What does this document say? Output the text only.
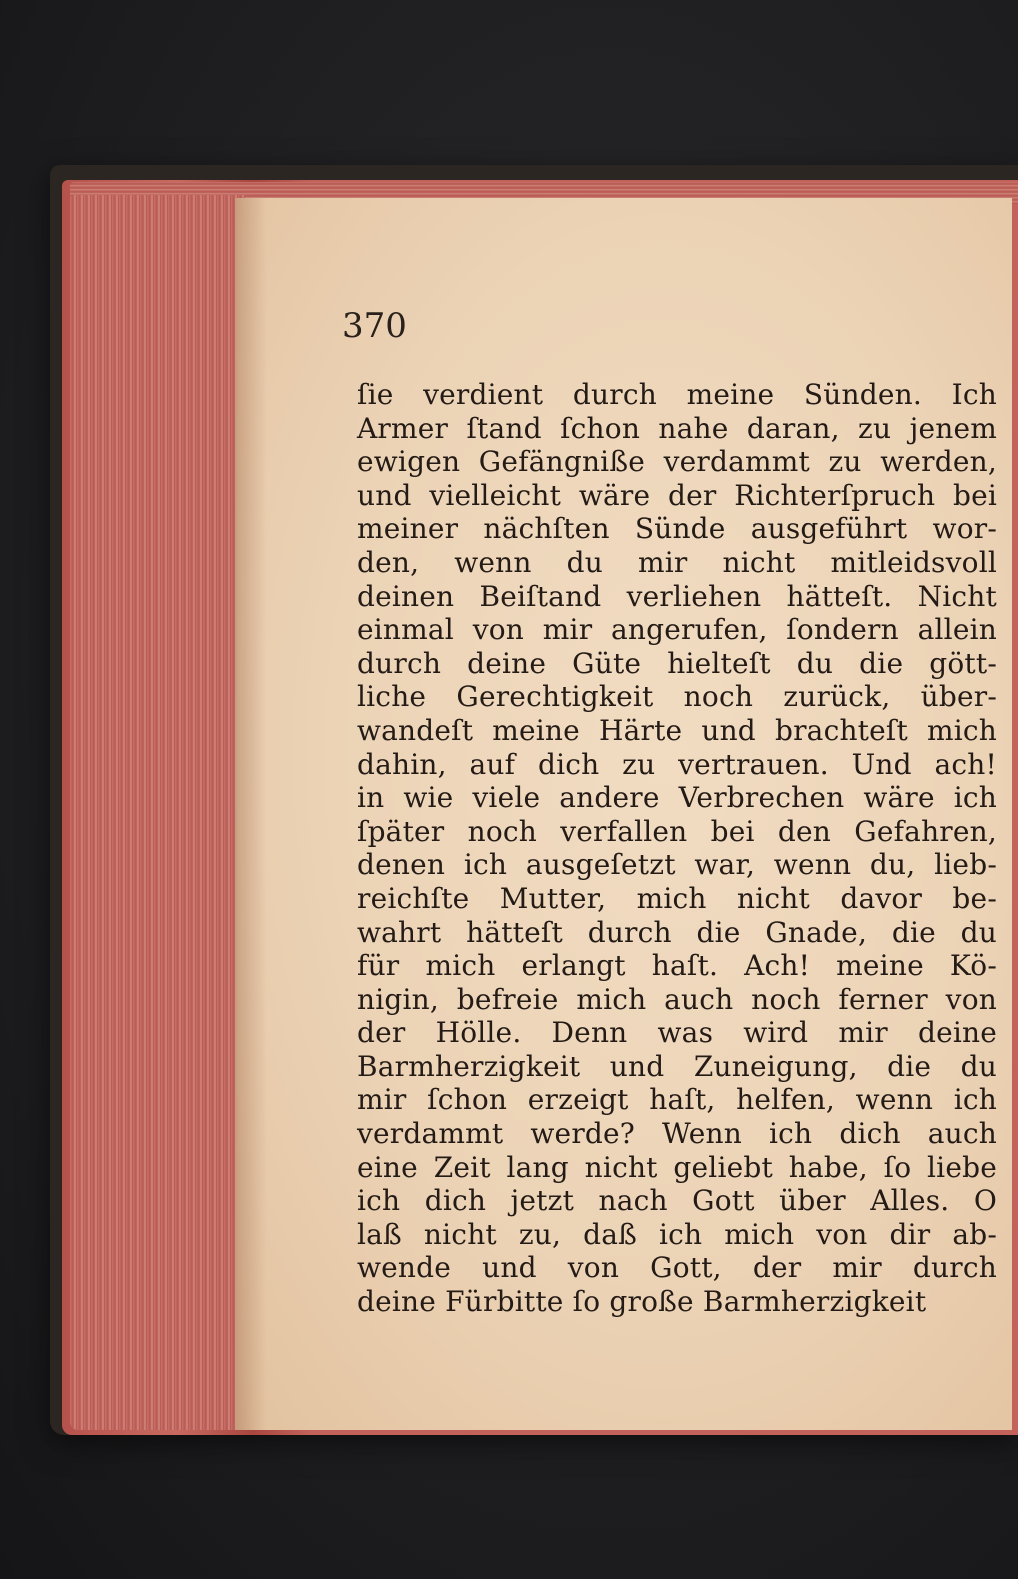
370

ſie verdient durch meine Sünden. Ich
Armer ſtand ſchon nahe daran, zu jenem
ewigen Gefängniße verdammt zu werden,
und vielleicht wäre der Richterſpruch bei
meiner nächſten Sünde ausgeführt wor-
den, wenn du mir nicht mitleidsvoll
deinen Beiſtand verliehen hätteſt. Nicht
einmal von mir angerufen, ſondern allein
durch deine Güte hielteſt du die gött-
liche Gerechtigkeit noch zurück, über-
wandeſt meine Härte und brachteſt mich
dahin, auf dich zu vertrauen. Und ach!
in wie viele andere Verbrechen wäre ich
ſpäter noch verfallen bei den Gefahren,
denen ich ausgeſetzt war, wenn du, lieb-
reichſte Mutter, mich nicht davor be-
wahrt hätteſt durch die Gnade, die du
für mich erlangt haſt. Ach! meine Kö-
nigin, befreie mich auch noch ferner von
der Hölle. Denn was wird mir deine
Barmherzigkeit und Zuneigung, die du
mir ſchon erzeigt haſt, helfen, wenn ich
verdammt werde? Wenn ich dich auch
eine Zeit lang nicht geliebt habe, ſo liebe
ich dich jetzt nach Gott über Alles. O
laß nicht zu, daß ich mich von dir ab-
wende und von Gott, der mir durch
deine Fürbitte ſo große Barmherzigkeit
